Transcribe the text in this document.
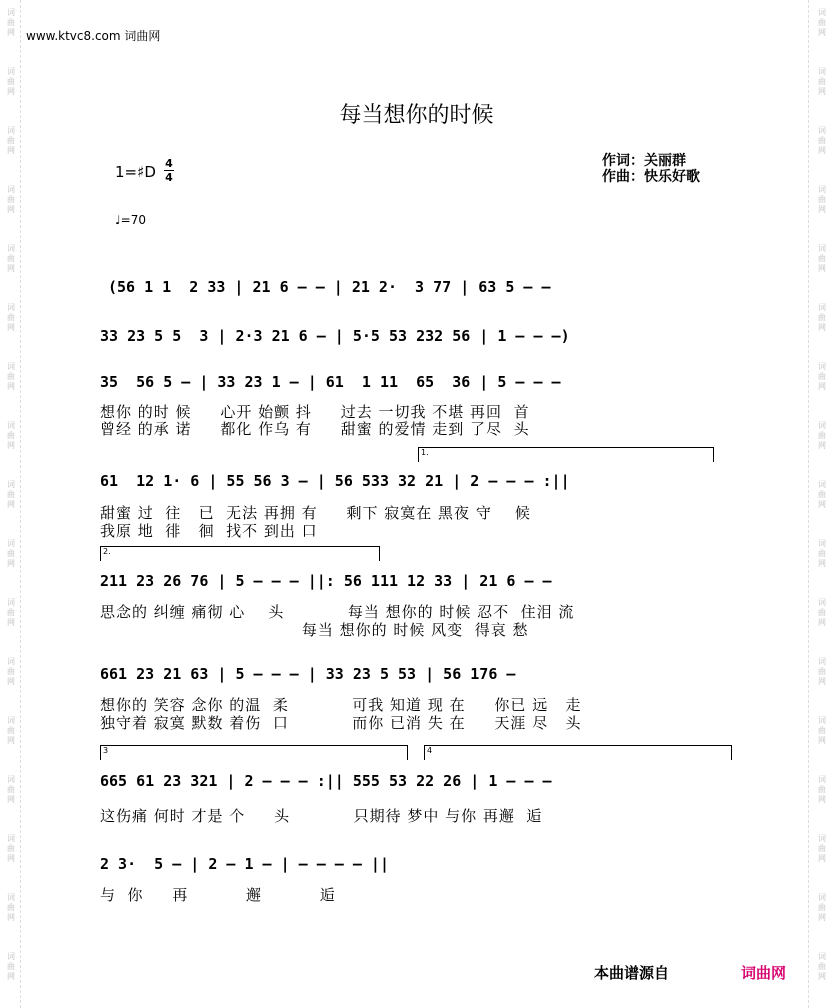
词
曲
网
词
曲
网
词
曲
网
词
曲
网
词
曲
网
词
曲
网
词
曲
网
词
曲
网
词
曲
网
词
曲
网
词
曲
网
词
曲
网
词
曲
网
词
曲
网
词
曲
网
词
曲
网
词
曲
网
词
曲
网
词
曲
网
词
曲
网
词
曲
网
词
曲
网
词
曲
网
词
曲
网
词
曲
网
词
曲
网
词
曲
网
词
曲
网
词
曲
网
词
曲
网
词
曲
网
词
曲
网
词
曲
网
词
曲
网
www.ktvc8.com 词曲网
每当想你的时候
1=♯D 4
4
♩=70
作词：关丽群
作曲：快乐好歌
(56 1 1  2 33 | 21 6 – – | 21 2·  3 77 | 63 5 – –
33 23 5 5  3 | 2·3 21 6 – | 5·5 53 232 56 | 1 – – –)
35  56 5 – | 33 23 1 – | 61  1 11  65  36 | 5 – – –
想你 的时 候     心开 始颤 抖     过去 一切我 不堪 再回  首
曾经 的承 诺     都化 作乌 有     甜蜜 的爱情 走到 了尽  头
1.
61  12 1· 6 | 55 56 3 – | 56 533 32 21 | 2 – – – :||
甜蜜 过  往   已  无法 再拥 有     剩下 寂寞在 黑夜 守    候
我原 地  徘   徊  找不 到出 口
2.
211 23 26 76 | 5 – – – ||: 56 111 12 33 | 21 6 – –
思念的 纠缠 痛彻 心    头           每当 想你的 时候 忍不  住泪 流
每当 想你的 时候 风变  得哀 愁
661 23 21 63 | 5 – – – | 33 23 5 53 | 56 176 –
想你的 笑容 念你 的温  柔           可我 知道 现 在     你已 远   走
独守着 寂寞 默数 着伤  口           而你 已消 失 在     天涯 尽   头
3	4
665 61 23 321 | 2 – – – :|| 555 53 22 26 | 1 – – –
这伤痛 何时 才是 个     头           只期待 梦中 与你 再邂  逅
2 3·  5 – | 2 – 1 – | – – – – ||
与  你     再          邂          逅
本曲谱源自	词曲网
